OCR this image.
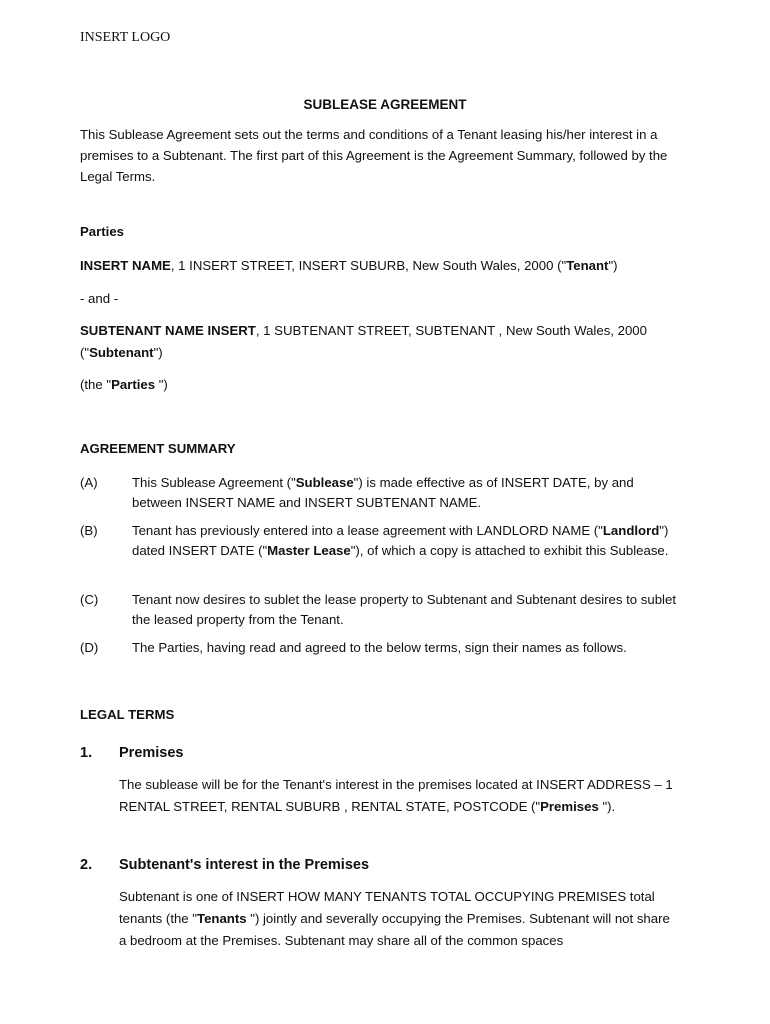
INSERT LOGO
SUBLEASE AGREEMENT
This Sublease Agreement sets out the terms and conditions of a Tenant leasing his/her interest in a premises to a Subtenant. The first part of this Agreement is the Agreement Summary, followed by the Legal Terms.
Parties
INSERT NAME, 1 INSERT STREET, INSERT SUBURB, New South Wales, 2000 ("Tenant")
- and -
SUBTENANT NAME INSERT, 1 SUBTENANT STREET, SUBTENANT , New South Wales, 2000 ("Subtenant")
(the "Parties ")
AGREEMENT SUMMARY
(A)	This Sublease Agreement ("Sublease") is made effective as of INSERT DATE, by and between INSERT NAME and INSERT SUBTENANT NAME.
(B)	Tenant has previously entered into a lease agreement with LANDLORD NAME ("Landlord") dated INSERT DATE ("Master Lease"), of which a copy is attached to exhibit this Sublease.
(C)	Tenant now desires to sublet the lease property to Subtenant and Subtenant desires to sublet the leased property from the Tenant.
(D)	The Parties, having read and agreed to the below terms, sign their names as follows.
LEGAL TERMS
1. Premises
The sublease will be for the Tenant's interest in the premises located at INSERT ADDRESS – 1 RENTAL STREET, RENTAL SUBURB , RENTAL STATE, POSTCODE ("Premises ").
2. Subtenant's interest in the Premises
Subtenant is one of INSERT HOW MANY TENANTS TOTAL OCCUPYING PREMISES total tenants (the "Tenants ") jointly and severally occupying the Premises. Subtenant will not share a bedroom at the Premises. Subtenant may share all of the common spaces
